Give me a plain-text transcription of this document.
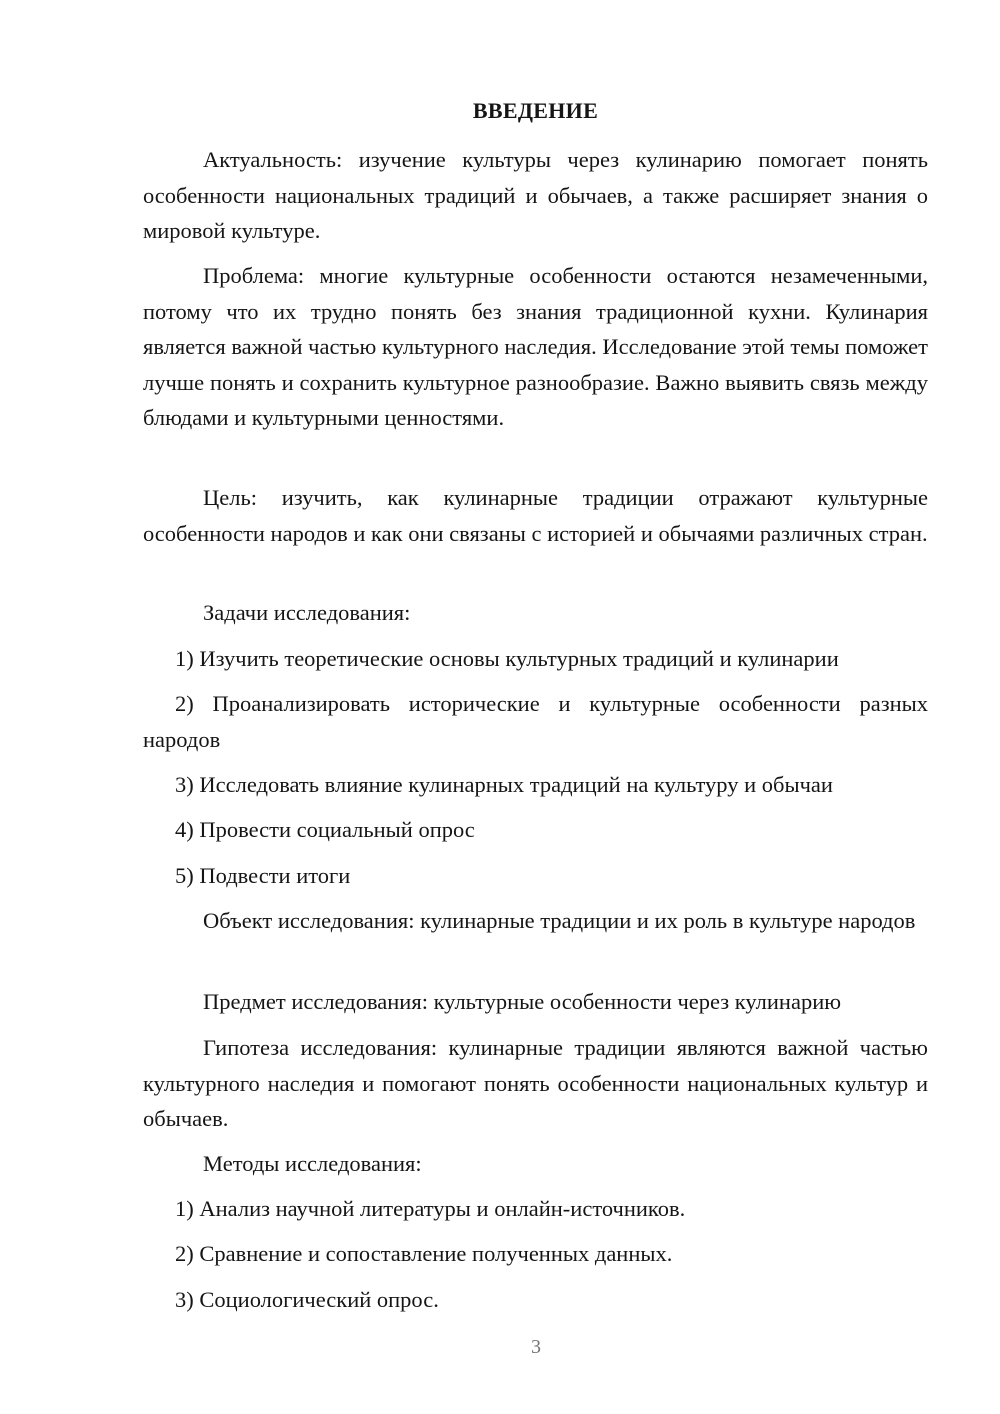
ВВЕДЕНИЕ
Актуальность: изучение культуры через кулинарию помогает понять особенности национальных традиций и обычаев, а также расширяет знания о мировой культуре.
Проблема: многие культурные особенности остаются незамеченными, потому что их трудно понять без знания традиционной кухни. Кулинария является важной частью культурного наследия. Исследование этой темы поможет лучше понять и сохранить культурное разнообразие. Важно выявить связь между блюдами и культурными ценностями.
Цель: изучить, как кулинарные традиции отражают культурные особенности народов и как они связаны с историей и обычаями различных стран.
Задачи исследования:
1) Изучить теоретические основы культурных традиций и кулинарии
2) Проанализировать исторические и культурные особенности разных народов
3) Исследовать влияние кулинарных традиций на культуру и обычаи
4) Провести социальный опрос
5) Подвести итоги
Объект исследования: кулинарные традиции и их роль в культуре народов
Предмет исследования: культурные особенности через кулинарию
Гипотеза исследования: кулинарные традиции являются важной частью культурного наследия и помогают понять особенности национальных культур и обычаев.
Методы исследования:
1) Анализ научной литературы и онлайн-источников.
2) Сравнение и сопоставление полученных данных.
3) Социологический опрос.
3
